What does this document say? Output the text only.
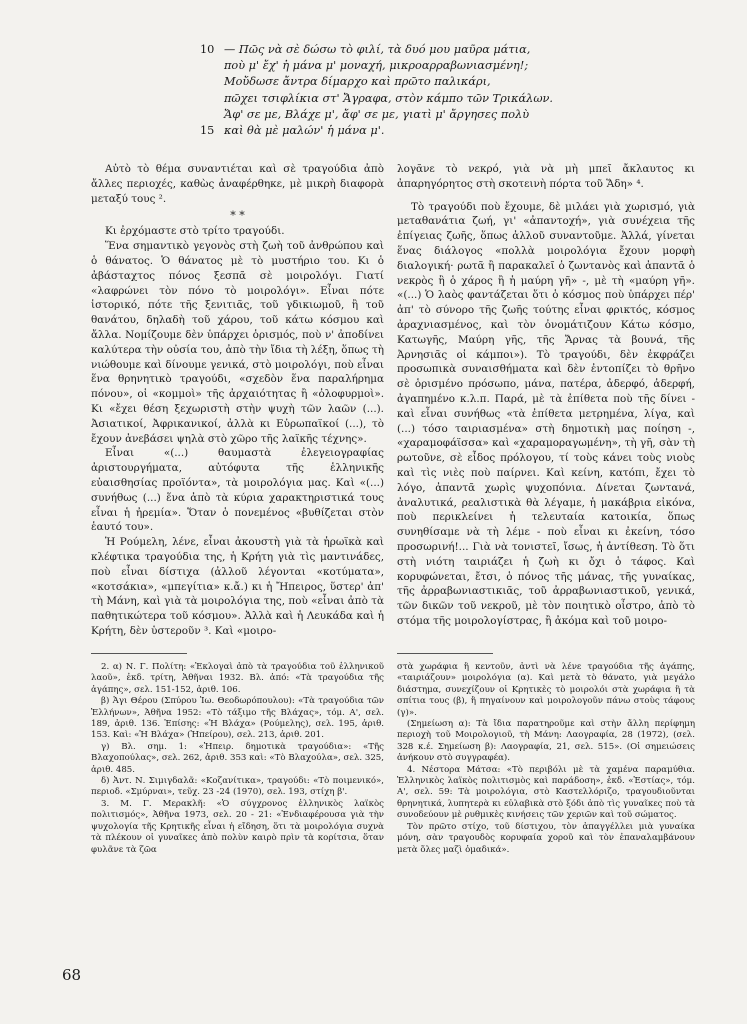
10 — Πῶς νὰ σὲ δώσω τὸ φιλί, τὰ δυό μου μαῦρα μάτια,
ποὺ μ' ἔχ' ἡ μάνα μ' μοναχή, μικροαρραβωνιασμένη!;
Μοὔδωσε ἄντρα δίμαρχο καὶ πρῶτο παλικάρι,
πῶχει τσιφλίκια στ' Ἄγραφα, στὸν κάμπο τῶν Τρικάλων.
Ἄφ' σε με, Βλάχε μ', ἄφ' σε με, γιατὶ μ' ἄργησες πολὺ
15 καὶ θὰ μὲ μαλών' ἡ μάνα μ'.

Αὐτὸ τὸ θέμα συναντιέται καὶ σὲ τραγούδια ἀπὸ ἄλλες περιοχές, καθὼς ἀναφέρθηκε, μὲ μικρὴ διαφορὰ μεταξύ τους ².

* *

Κι ἐρχόμαστε στὸ τρίτο τραγούδι.

Ἕνα σημαντικὸ γεγονὸς στὴ ζωὴ τοῦ ἀνθρώπου καὶ ὁ θάνατος. Ὁ θάνατος μὲ τὸ μυστήριο του. Κι ὁ ἀβάσταχτος πόνος ξεσπᾶ σὲ μοιρολόγι. Γιατί «λαφρώνει τὸν πόνο τὸ μοιρολόγι». Εἶναι πότε ἱστορικό, πότε τῆς ξενιτιᾶς, τοῦ γδικιωμοῦ, ἢ τοῦ θανάτου, δηλαδὴ τοῦ χάρου, τοῦ κάτω κόσμου καὶ ἄλλα. Νομίζουμε δὲν ὑπάρχει ὁρισμός, ποὺ ν' ἀποδίνει καλύτερα τὴν οὐσία του, ἀπὸ τὴν ἴδια τὴ λέξη, ὅπως τὴ νιώθουμε καὶ δίνουμε γενικά, στὸ μοιρολόγι, ποὺ εἶναι ἕνα θρηνητικὸ τραγούδι, «σχεδὸν ἕνα παραλήρημα πόνου», οἱ «κομμοὶ» τῆς ἀρχαιότητας ἢ «ὀλοφυρμοὶ». Κι «ἔχει θέση ξεχωριστὴ στὴν ψυχὴ τῶν λαῶν (...). Ἀσιατικοί, Ἀφρικανικοί, ἀλλὰ κι Εὐρωπαϊκοί (...), τὸ ἔχουν ἀνεβάσει ψηλὰ στὸ χῶρο τῆς λαϊκῆς τέχνης».

Εἶναι «(...) θαυμαστὰ ἐλεγειογραφίας ἀριστουργήματα, αὐτόφυτα τῆς ἑλληνικῆς εὐαισθησίας προϊόντα», τὰ μοιρολόγια μας. Καὶ «(...) συνήθως (...) ἕνα ἀπὸ τὰ κύρια χαρακτηριστικά τους εἶναι ἡ ἠρεμία». Ὅταν ὁ πονεμένος «βυθίζεται στὸν ἑαυτό του».

Ἡ Ρούμελη, λένε, εἶναι ἀκουστὴ γιὰ τὰ ἡρωϊκὰ καὶ κλέφτικα τραγούδια της, ἡ Κρήτη γιὰ τὶς μαντινάδες, ποὺ εἶναι δίστιχα (ἀλλοῦ λέγονται «κοτύματα», «κοτσάκια», «μπεγίτια» κ.ἄ.) κι ἡ Ἤπειρος, ὕστερ' ἀπ' τὴ Μάνη, καὶ γιὰ τὰ μοιρολόγια της, ποὺ «εἶναι ἀπὸ τὰ παθητικώτερα τοῦ κόσμου». Ἀλλὰ καὶ ἡ Λευκάδα καὶ ἡ Κρήτη, δὲν ὑστεροῦν ³. Καὶ «μοιρο-

λογᾶνε τὸ νεκρό, γιὰ νὰ μὴ μπεῖ ἄκλαυτος κι ἀπαρηγόρητος στὴ σκοτεινὴ πόρτα τοῦ Ἅδη» ⁴.

Τὸ τραγούδι ποὺ ἔχουμε, δὲ μιλάει γιὰ χωρισμό, γιὰ μεταθανάτια ζωή, γι' «ἀπαντοχή», γιὰ συνέχεια τῆς ἐπίγειας ζωῆς, ὅπως ἀλλοῦ συναντοῦμε. Ἀλλά, γίνεται ἕνας διάλογος «πολλὰ μοιρολόγια ἔχουν μορφὴ διαλογική· ρωτᾶ ἢ παρακαλεῖ ὁ ζωντανὸς καὶ ἀπαντᾶ ὁ νεκρὸς ἢ ὁ χάρος ἢ ἡ μαύρη γῆ» -, μὲ τὴ «μαύρη γῆ». «(...) Ὁ λαὸς φαντάζεται ὅτι ὁ κόσμος ποὺ ὑπάρχει πέρ' ἀπ' τὸ σύνορο τῆς ζωῆς τούτης εἶναι φρικτός, κόσμος ἀραχνιασμένος, καὶ τὸν ὀνομάτιζουν Κάτω κόσμο, Κατωγῆς, Μαύρη γῆς, τῆς Ἄρνας τὰ βουνά, τῆς Ἀρνησιᾶς οἱ κάμποι»). Τὸ τραγούδι, δὲν ἐκφράζει προσωπικὰ συναισθήματα καὶ δὲν ἐντοπίζει τὸ θρῆνο σὲ ὁρισμένο πρόσωπο, μάνα, πατέρα, ἀδερφό, ἀδερφή, ἀγαπημένο κ.λ.π. Παρά, μὲ τὰ ἐπίθετα ποὺ τῆς δίνει - καὶ εἶναι συνήθως «τὰ ἐπίθετα μετρημένα, λίγα, καὶ (...) τόσο ταιριασμένα» στὴ δημοτικὴ μας ποίηση -, «χαραμοφάϊσσα» καὶ «χαραμοραγωμένη», τὴ γῆ, σὰν τὴ ρωτοῦνε, σὲ εἶδος πρόλογου, τί τοὺς κάνει τοὺς νιοὺς καὶ τὶς νιὲς ποὺ παίρνει. Καὶ κείνη, κατόπι, ἔχει τὸ λόγο, ἀπαντᾶ χωρὶς ψυχοπόνια. Δίνεται ζωντανά, ἀναλυτικά, ρεαλιστικὰ θὰ λέγαμε, ἡ μακάβρια εἰκόνα, ποὺ περικλείνει ἡ τελευταία κατοικία, ὅπως συνηθίσαμε νὰ τὴ λέμε - ποὺ εἶναι κι ἐκείνη, τόσο προσωρινή!... Γιὰ νὰ τονιστεῖ, ἴσως, ἡ ἀντίθεση. Τὸ ὅτι στὴ νιότη ταιριάζει ἡ ζωὴ κι ὄχι ὁ τάφος. Καὶ κορυφώνεται, ἔτσι, ὁ πόνος τῆς μάνας, τῆς γυναίκας, τῆς ἀρραβωνιαστικιᾶς, τοῦ ἀρραβωνιαστικοῦ, γενικά, τῶν δικῶν τοῦ νεκροῦ, μὲ τὸν ποιητικὸ οἶστρο, ἀπὸ τὸ στόμα τῆς μοιρολογίστρας, ἢ ἀκόμα καὶ τοῦ μοιρο-

2. α) Ν. Γ. Πολίτη: «Ἐκλογαὶ ἀπὸ τὰ τραγούδια τοῦ ἑλληνικοῦ λαοῦ», ἐκδ. τρίτη, Ἀθῆναι 1932. Βλ. ἀπό: «Τὰ τραγούδια τῆς ἀγάπης», σελ. 151-152, ἀριθ. 106.

β) Ἁγι Θέρου (Σπύρου Ἰω. Θεοδωρόπουλου): «Τὰ τραγούδια τῶν Ἑλλήνων», Ἀθῆνα 1952: «Τὸ τάξιμο τῆς Βλάχας», τόμ. Α', σελ. 189, ἀριθ. 136. Ἐπίσης: «Ἡ Βλάχα» (Ρούμελης), σελ. 195, ἀριθ. 153. Καὶ: «Ἡ Βλάχα» (Ἠπείρου), σελ. 213, ἀριθ. 201.

γ) Βλ. σημ. 1: «Ἠπειρ. δημοτικὰ τραγούδια»: «Τῆς Βλαχοπούλας», σελ. 262, ἀριθ. 353 καὶ: «Τὸ Βλαχούλα», σελ. 325, ἀριθ. 485.

δ) Ἀντ. Ν. Σιμιγδαλᾶ: «Κοζανίτικα», τραγούδι: «Τὸ ποιμενικό», περιοδ. «Σμύρναι», τεῦχ. 23 -24 (1970), σελ. 193, στίχη β'.

3. Μ. Γ. Μερακλῆ: «Ὁ σύγχρονος ἑλληνικὸς λαϊκὸς πολιτισμός», Ἀθῆνα 1973, σελ. 20 - 21: «Ἐνδιαφέρουσα γιὰ τὴν ψυχολογία τῆς Κρητικῆς εἶναι ἡ εἴδηση, ὅτι τὰ μοιρολόγια συχνὰ τὰ πλέκουν οἱ γυναῖκες ἀπὸ πολὺν καιρὸ πρὶν τὰ κορίτσια, ὅταν φυλᾶνε τὰ ζῶα

στὰ χωράφια ἢ κεντοῦν, ἀντὶ νὰ λένε τραγούδια τῆς ἀγάπης, «ταιριάζουν» μοιρολόγια (α). Καὶ μετὰ τὸ θάνατο, γιὰ μεγάλο διάστημα, συνεχίζουν οἱ Κρητικὲς τὸ μοιρολόι στὰ χωράφια ἢ τὰ σπίτια τους (β), ἢ πηγαίνουν καὶ μοιρολογοῦν πάνω στοὺς τάφους (γ)».

(Σημείωση α): Τὰ ἴδια παρατηροῦμε καὶ στὴν ἄλλη περίφημη περιοχὴ τοῦ Μοιρολογιοῦ, τὴ Μάνη: Λαογραφία, 28 (1972), (σελ. 328 κ.έ. Σημείωση β): Λαογραφία, 21, σελ. 515». (Οἱ σημειώσεις ἀνήκουν στὸ συγγραφέα).

4. Νέστορα Μάτσα: «Τὸ περιβόλι μὲ τὰ χαμένα παραμύθια. Ἑλληνικὸς λαϊκὸς πολιτισμὸς καὶ παράδοση», ἐκδ. «Ἑστίας», τόμ. Α', σελ. 59: Τὰ μοιρολόγια, στὸ Καστελλόριζο, τραγουδιοῦνται θρηνητικά, λυπητερὰ κι εὐλαβικὰ στὸ ξόδι ἀπὸ τὶς γυναῖκες ποὺ τὰ συνοδεύουν μὲ ρυθμικὲς κινήσεις τῶν χεριῶν καὶ τοῦ σώματος.

Τὸν πρῶτο στίχο, τοῦ δίστιχου, τὸν ἀπαγγέλλει μιὰ γυναίκα μόνη, σὰν τραγουδὸς κορυφαία χοροῦ καὶ τὸν ἐπαναλαμβάνουν μετὰ ὅλες μαζὶ ὁμαδικά».

68
